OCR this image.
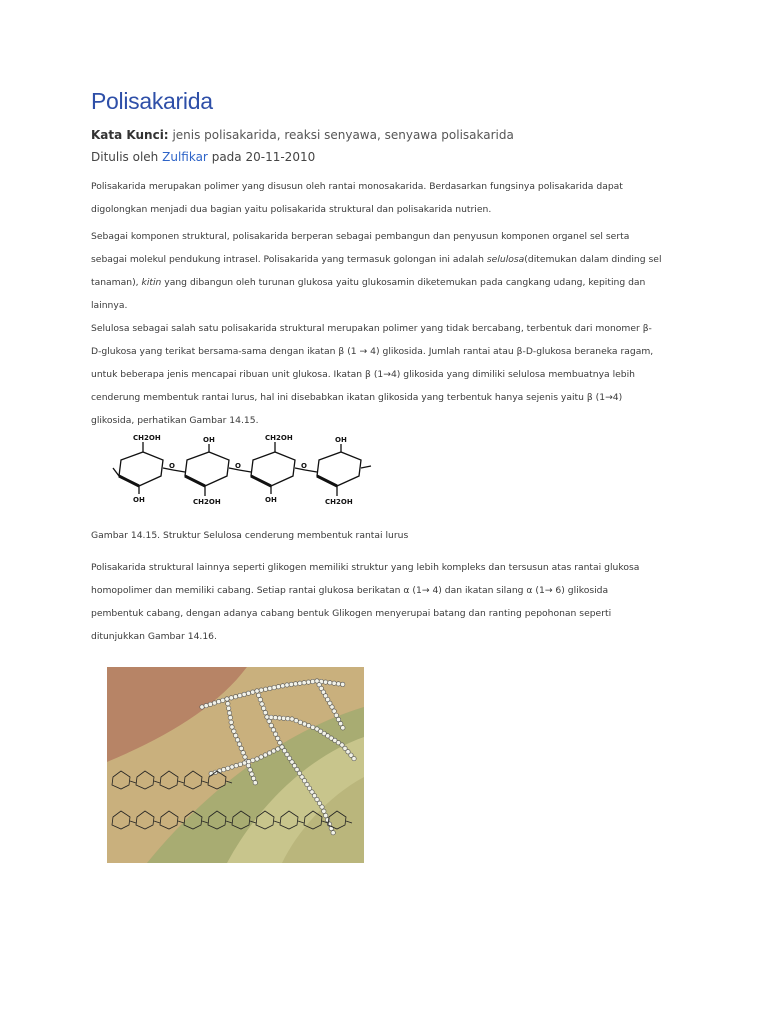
Polisakarida
Kata Kunci: jenis polisakarida, reaksi senyawa, senyawa polisakarida
Ditulis oleh Zulfikar pada 20-11-2010

Polisakarida merupakan polimer yang disusun oleh rantai monosakarida. Berdasarkan fungsinya polisakarida dapat

digolongkan menjadi dua bagian yaitu polisakarida struktural dan polisakarida nutrien.

Sebagai komponen struktural, polisakarida berperan sebagai pembangun dan penyusun komponen organel sel serta

sebagai molekul pendukung intrasel. Polisakarida yang termasuk golongan ini adalah selulosa(ditemukan dalam dinding sel

tanaman), kitin yang dibangun oleh turunan glukosa yaitu glukosamin diketemukan pada cangkang udang, kepiting dan

lainnya.

Selulosa sebagai salah satu polisakarida struktural merupakan polimer yang tidak bercabang, terbentuk dari monomer β-

D-glukosa yang terikat bersama-sama dengan ikatan β (1 → 4) glikosida. Jumlah rantai atau β-D-glukosa beraneka ragam,

untuk beberapa jenis mencapai ribuan unit glukosa. Ikatan β (1→4) glikosida yang dimiliki selulosa membuatnya lebih

cenderung membentuk rantai lurus, hal ini disebabkan ikatan glikosida yang terbentuk hanya sejenis yaitu β (1→4)

glikosida, perhatikan Gambar 14.15.

CH2OH	OH	CH2OH	OH
OH	CH2OH	OH	CH2OH
O	O	O
Gambar 14.15. Struktur Selulosa cenderung membentuk rantai lurus

Polisakarida struktural lainnya seperti glikogen memiliki struktur yang lebih kompleks dan tersusun atas rantai glukosa

homopolimer dan memiliki cabang. Setiap rantai glukosa berikatan α (1→ 4) dan ikatan silang α (1→ 6) glikosida

pembentuk cabang, dengan adanya cabang bentuk Glikogen menyerupai batang dan ranting pepohonan seperti

ditunjukkan Gambar 14.16.
